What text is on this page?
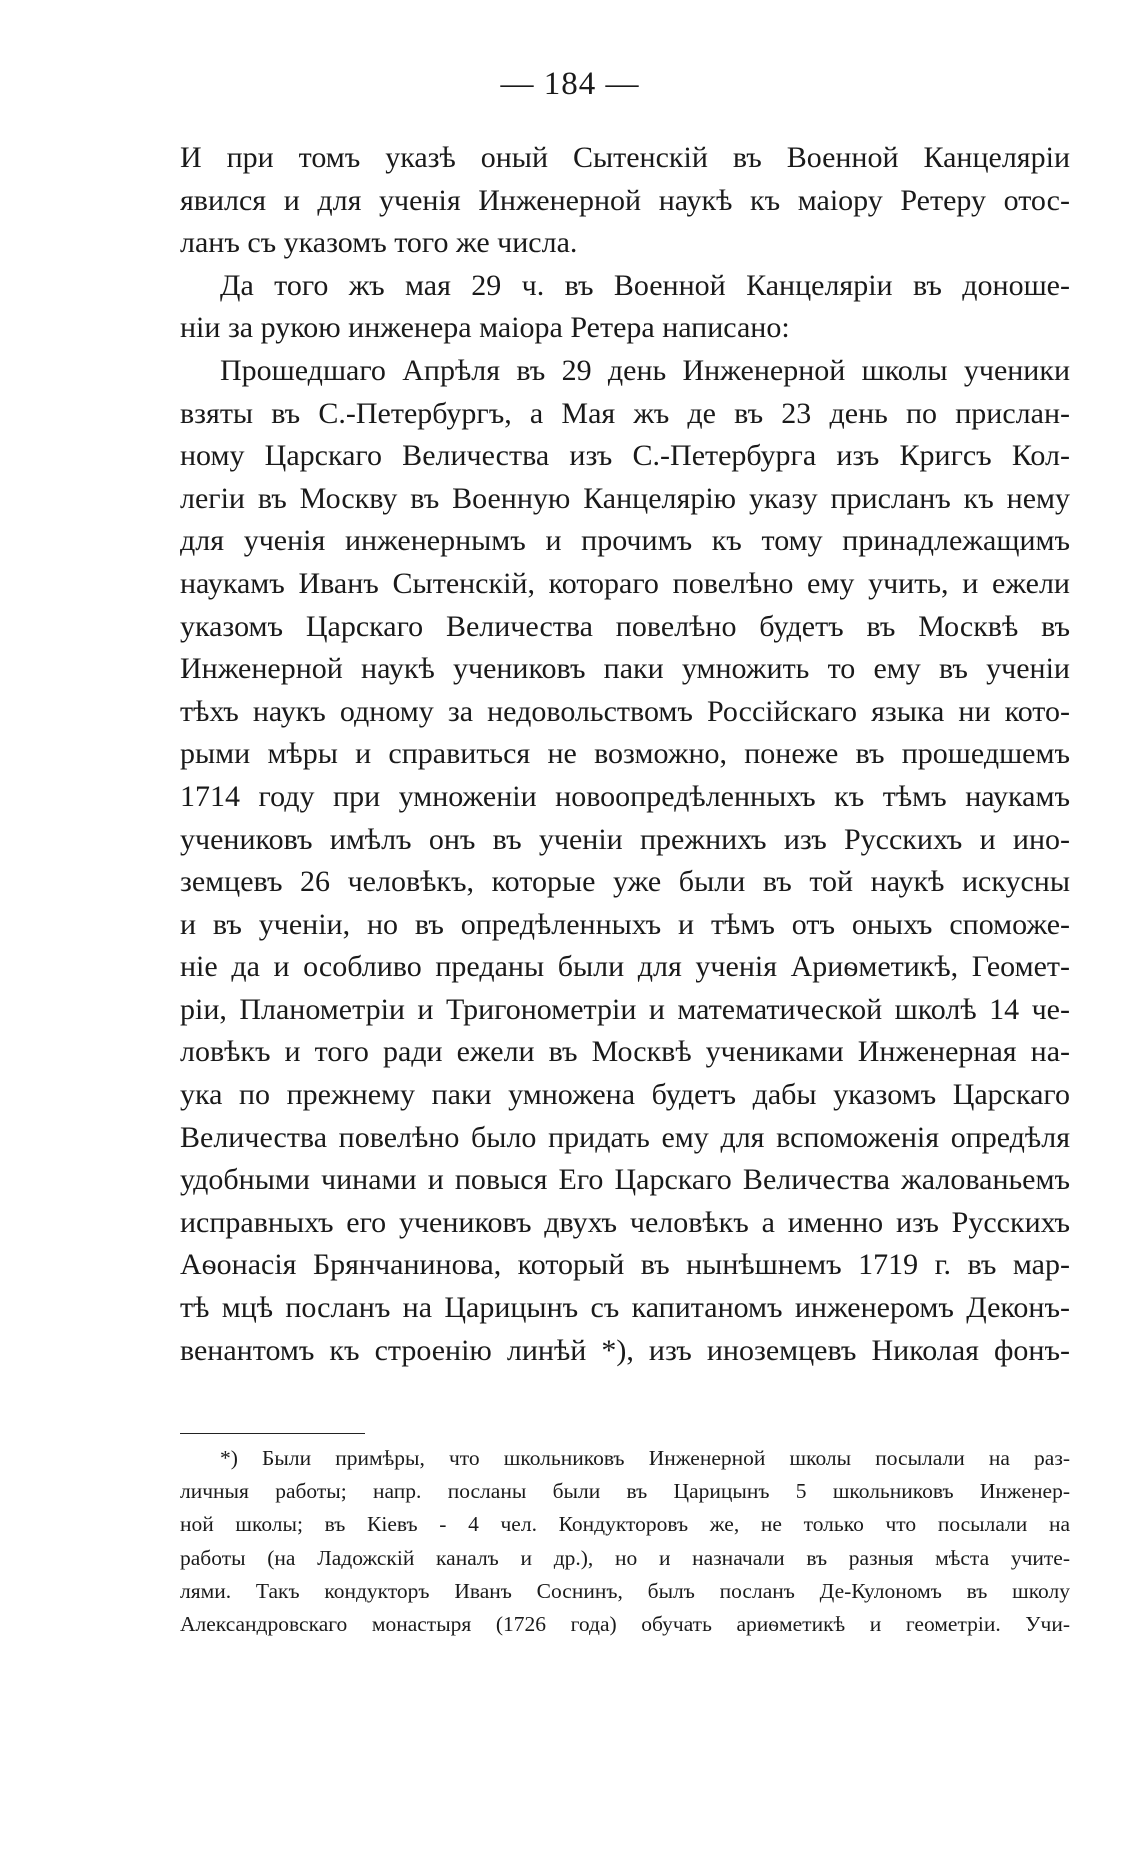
— 184 —
И при томъ указѣ оный Сытенскій въ Военной Канцеляріи
явился и для ученія Инженерной наукѣ къ маіору Ретеру отос-
ланъ съ указомъ того же числа.
Да того жъ мая 29 ч. въ Военной Канцеляріи въ доноше-
ніи за рукою инженера маіора Ретера написано:
Прошедшаго Апрѣля въ 29 день Инженерной школы ученики
взяты въ С.-Петербургъ, а Мая жъ де въ 23 день по прислан-
ному Царскаго Величества изъ С.-Петербурга изъ Кригсъ Кол-
легіи въ Москву въ Военную Канцелярію указу присланъ къ нему
для ученія инженернымъ и прочимъ къ тому принадлежащимъ
наукамъ Иванъ Сытенскій, котораго повелѣно ему учить, и ежели
указомъ Царскаго Величества повелѣно будетъ въ Москвѣ въ
Инженерной наукѣ учениковъ паки умножить то ему въ ученіи
тѣхъ наукъ одному за недовольствомъ Россійскаго языка ни кото-
рыми мѣры и справиться не возможно, понеже въ прошедшемъ
1714 году при умноженіи новоопредѣленныхъ къ тѣмъ наукамъ
учениковъ имѣлъ онъ въ ученіи прежнихъ изъ Русскихъ и ино-
земцевъ 26 человѣкъ, которые уже были въ той наукѣ искусны
и въ ученіи, но въ опредѣленныхъ и тѣмъ отъ оныхъ споможе-
ніе да и особливо преданы были для ученія Ариѳметикѣ, Геомет-
ріи, Планометріи и Тригонометріи и математической школѣ 14 че-
ловѣкъ и того ради ежели въ Москвѣ учениками Инженерная на-
ука по прежнему паки умножена будетъ дабы указомъ Царскаго
Величества повелѣно было придать ему для вспоможенія опредѣля
удобными чинами и повыся Его Царскаго Величества жалованьемъ
исправныхъ его учениковъ двухъ человѣкъ а именно изъ Русскихъ
Аѳонасія Брянчанинова, который въ нынѣшнемъ 1719 г. въ мар-
тѣ мцѣ посланъ на Царицынъ съ капитаномъ инженеромъ Деконъ-
венантомъ къ строенію линѣй *), изъ иноземцевъ Николая фонъ-
*) Были примѣры, что школьниковъ Инженерной школы посылали на раз-
личныя работы; напр. посланы были въ Царицынъ 5 школьниковъ Инженер-
ной школы; въ Кіевъ - 4 чел. Кондукторовъ же, не только что посылали на
работы (на Ладожскій каналъ и др.), но и назначали въ разныя мѣста учите-
лями. Такъ кондукторъ Иванъ Соснинъ, былъ посланъ Де-Кулономъ въ школу
Александровскаго монастыря (1726 года) обучать ариѳметикѣ и геометріи. Учи-
